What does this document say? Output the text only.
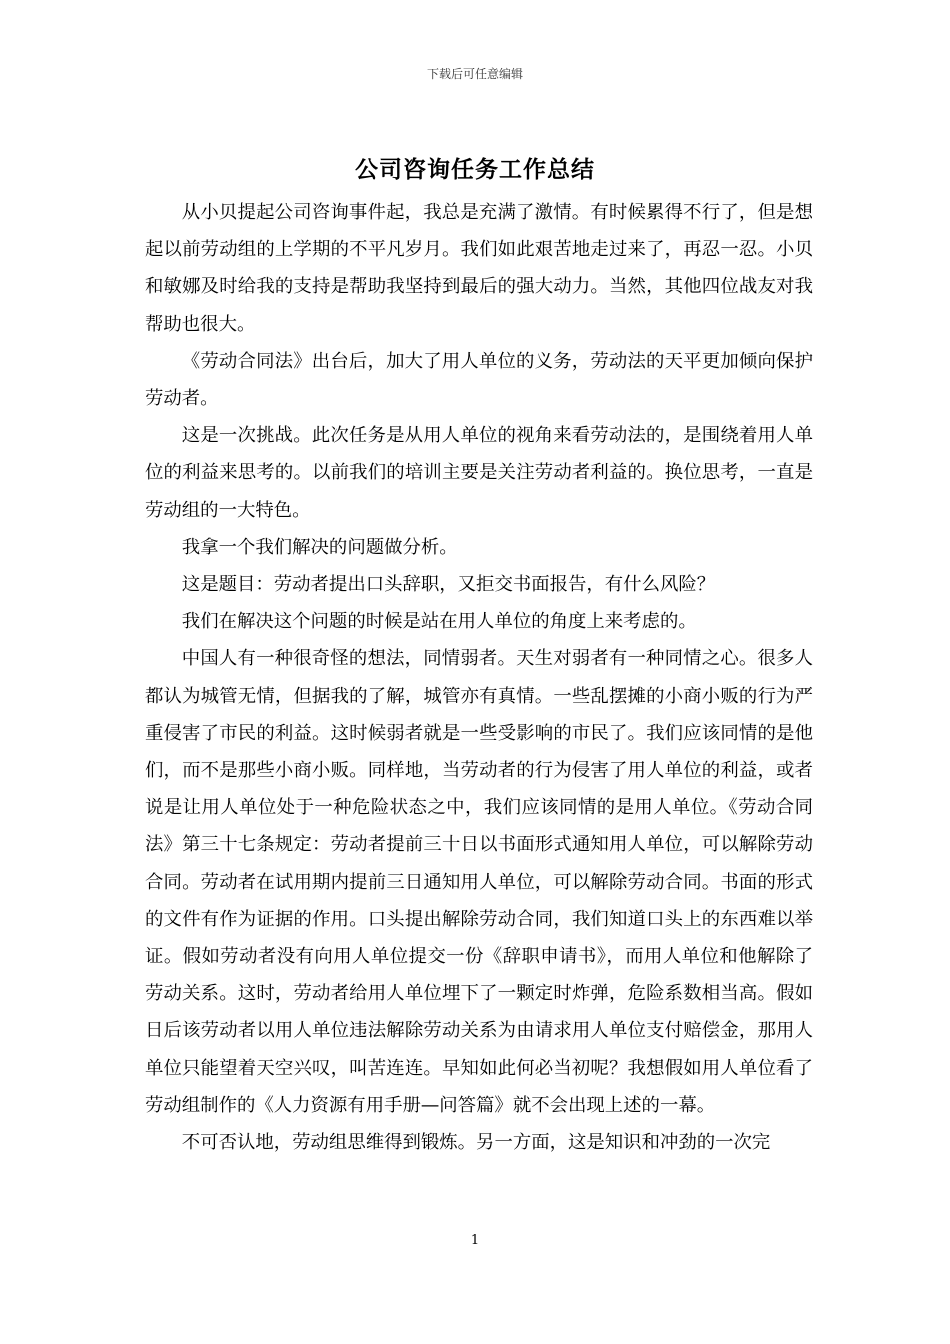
下载后可任意编辑
公司咨询任务工作总结

从小贝提起公司咨询事件起，我总是充满了激情。有时候累得不行了，但是想起以前劳动组的上学期的不平凡岁月。我们如此艰苦地走过来了，再忍一忍。小贝和敏娜及时给我的支持是帮助我坚持到最后的强大动力。当然，其他四位战友对我帮助也很大。

《劳动合同法》出台后，加大了用人单位的义务，劳动法的天平更加倾向保护劳动者。

这是一次挑战。此次任务是从用人单位的视角来看劳动法的，是围绕着用人单位的利益来思考的。以前我们的培训主要是关注劳动者利益的。换位思考，一直是劳动组的一大特色。

我拿一个我们解决的问题做分析。

这是题目：劳动者提出口头辞职，又拒交书面报告，有什么风险？

我们在解决这个问题的时候是站在用人单位的角度上来考虑的。

中国人有一种很奇怪的想法，同情弱者。天生对弱者有一种同情之心。很多人都认为城管无情，但据我的了解，城管亦有真情。一些乱摆摊的小商小贩的行为严重侵害了市民的利益。这时候弱者就是一些受影响的市民了。我们应该同情的是他们，而不是那些小商小贩。同样地，当劳动者的行为侵害了用人单位的利益，或者说是让用人单位处于一种危险状态之中，我们应该同情的是用人单位。《劳动合同法》第三十七条规定：劳动者提前三十日以书面形式通知用人单位，可以解除劳动合同。劳动者在试用期内提前三日通知用人单位，可以解除劳动合同。书面的形式的文件有作为证据的作用。口头提出解除劳动合同，我们知道口头上的东西难以举证。假如劳动者没有向用人单位提交一份《辞职申请书》，而用人单位和他解除了劳动关系。这时，劳动者给用人单位埋下了一颗定时炸弹，危险系数相当高。假如日后该劳动者以用人单位违法解除劳动关系为由请求用人单位支付赔偿金，那用人单位只能望着天空兴叹，叫苦连连。早知如此何必当初呢？我想假如用人单位看了劳动组制作的《人力资源有用手册—问答篇》就不会出现上述的一幕。

不可否认地，劳动组思维得到锻炼。另一方面，这是知识和冲劲的一次完

1
